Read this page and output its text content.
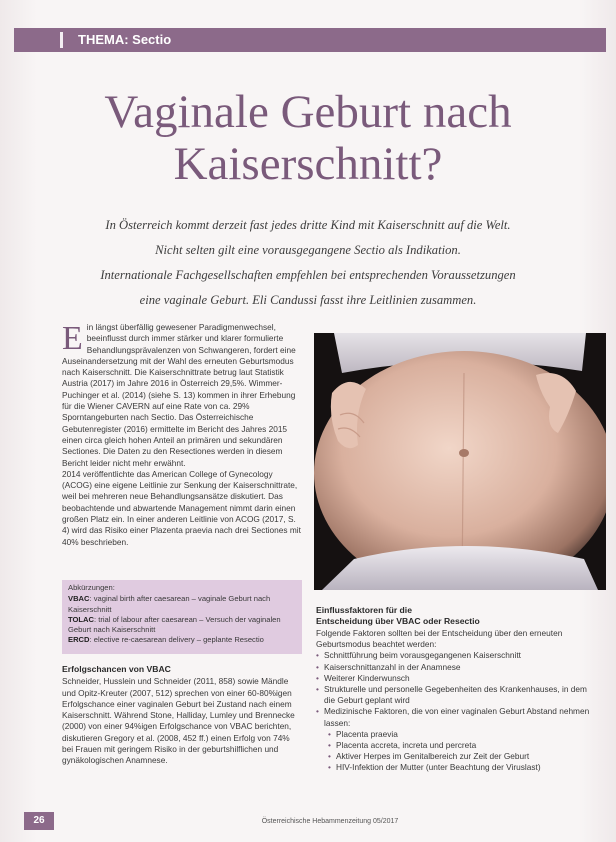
THEMA: Sectio
Vaginale Geburt nach
Kaiserschnitt?
In Österreich kommt derzeit fast jedes dritte Kind mit Kaiserschnitt auf die Welt.
Nicht selten gilt eine vorausgegangene Sectio als Indikation.
Internationale Fachgesellschaften empfehlen bei entsprechenden Voraussetzungen
eine vaginale Geburt. Eli Candussi fasst ihre Leitlinien zusammen.

E in längst überfällig gewesener Paradigmenwechsel, beeinflusst durch immer stärker und klarer formulierte Behandlungsprävalenzen von Schwangeren, fordert eine Auseinandersetzung mit der Wahl des erneuten Geburtsmodus nach Kaiserschnitt. Die Kaiserschnittrate betrug laut Statistik Austria (2017) im Jahre 2016 in Österreich 29,5%. Wimmer-Puchinger et al. (2014) (siehe S. 13) kommen in ihrer Erhebung für die Wiener CAVERN auf eine Rate von ca. 29% Sporntangeburten nach Sectio. Das Österreichische Gebutenregister (2016) ermittelte im Bericht des Jahres 2015 einen circa gleich hohen Anteil an primären und sekundären Sectiones. Die Daten zu den Resectiones werden in diesem Bericht leider nicht mehr erwähnt.

2014 veröffentlichte das American College of Gynecology (ACOG) eine eigene Leitlinie zur Senkung der Kaiserschnittrate, weil bei mehreren neue Behandlungsansätze diskutiert. Das beobachtende und abwartende Management nimmt darin einen großen Platz ein. In einer anderen Leitlinie von ACOG (2017, S. 4) wird das Risiko einer Plazenta praevia nach drei Sectiones mit 40% beschrieben.

Abkürzungen:

VBAC: vaginal birth after caesarean – vaginale Geburt nach Kaiserschnitt

TOLAC: trial of labour after caesarean – Versuch der vaginalen Geburt nach Kaiserschnitt

ERCD: elective re-caesarean delivery – geplante Resectio

Erfolgschancen von VBAC

Schneider, Husslein und Schneider (2011, 858) sowie Mändle und Opitz-Kreuter (2007, 512) sprechen von einer 60-80%igen Erfolgschance einer vaginalen Geburt bei Zustand nach einem Kaiserschnitt. Während Stone, Halliday, Lumley und Brennecke (2000) von einer 94%igen Erfolgschance von VBAC berichten, diskutieren Gregory et al. (2008, 452 ff.) einen Erfolg von 74% bei Frauen mit geringem Risiko in der geburtshilflichen und gynäkologischen Anamnese.

Einflussfaktoren für die
Entscheidung über VBAC oder Resectio

Folgende Faktoren sollten bei der Entscheidung über den erneuten Geburtsmodus beachtet werden:

• Schnittführung beim vorausgegangenen Kaiserschnitt
• Kaiserschnittanzahl in der Anamnese
• Weiterer Kinderwunsch
• Strukturelle und personelle Gegebenheiten des Krankenhauses, in dem die Geburt geplant wird
• Medizinische Faktoren, die von einer vaginalen Geburt Abstand nehmen lassen:
• Placenta praevia
• Placenta accreta, increta und percreta
• Aktiver Herpes im Genitalbereich zur Zeit der Geburt
• HIV-Infektion der Mutter (unter Beachtung der Viruslast)
26	Österreichische Hebammenzeitung 05/2017
